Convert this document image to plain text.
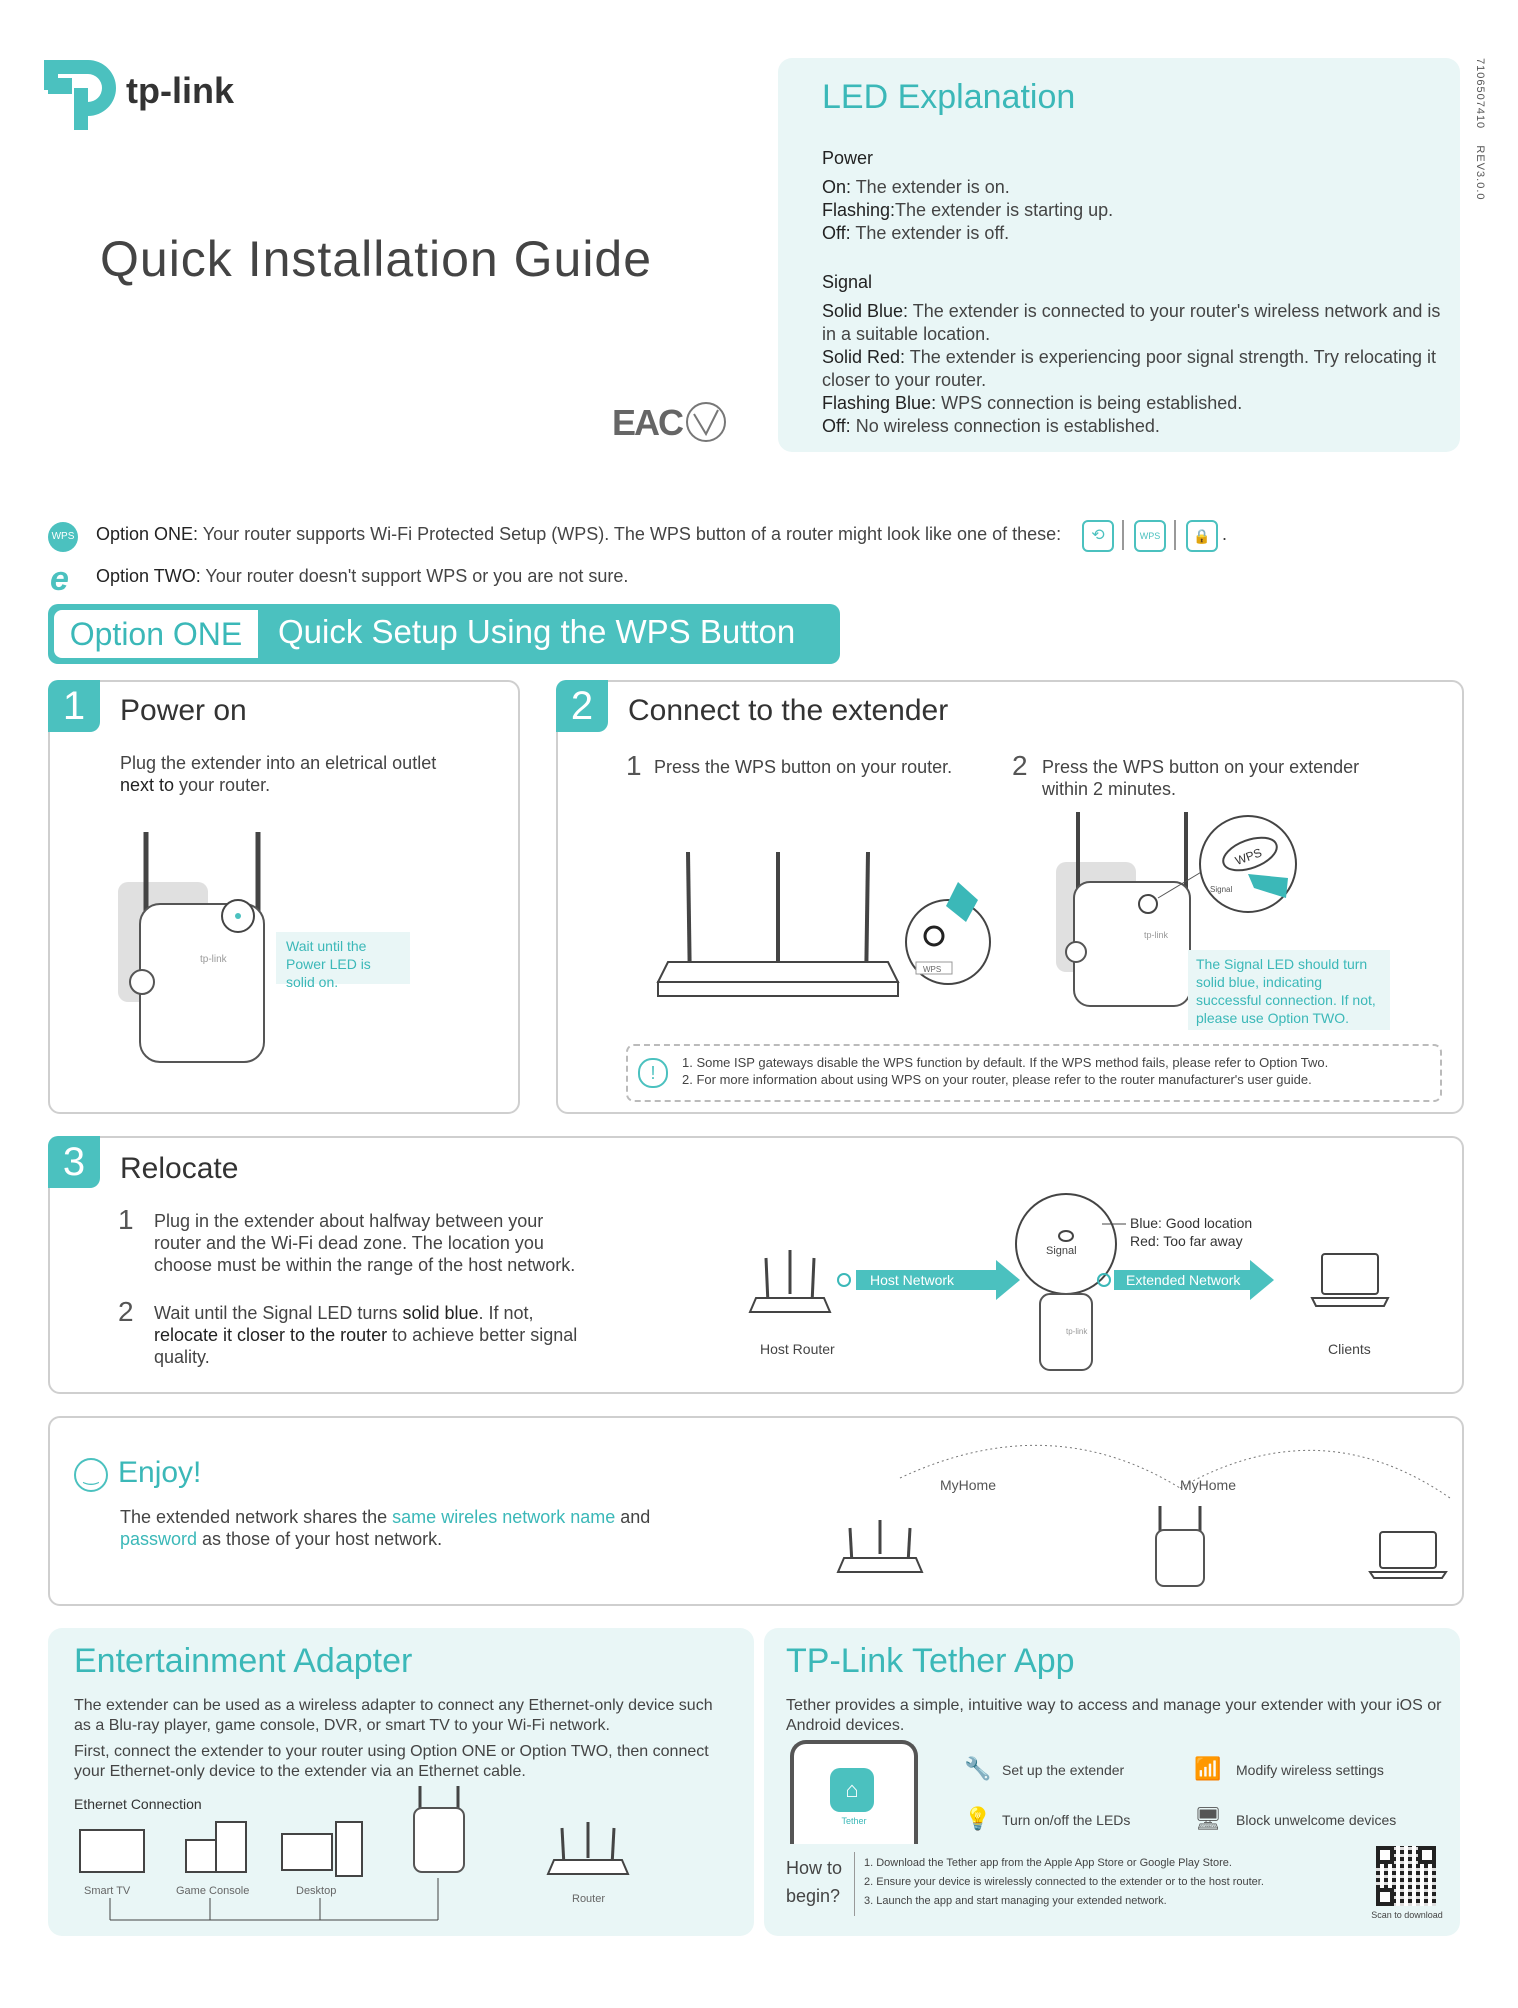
tp-link
Quick Installation Guide
EAC
LED Explanation
Power
On: The extender is on.
Flashing:The extender is starting up.
Off: The extender is off.
Signal
Solid Blue: The extender is connected to your router's wireless network and is in a suitable location.
Solid Red: The extender is experiencing poor signal strength. Try relocating it closer to your router.
Flashing Blue: WPS connection is being established.
Off: No wireless connection is established.
7106507410    REV3.0.0
WPS Option ONE: Your router supports Wi-Fi Protected Setup (WPS). The WPS button of a router might look like one of these:	⟲	WPS	🔒 .
e Option TWO: Your router doesn't support WPS or you are not sure.
Option ONE	Quick Setup Using the WPS Button
1	Power on
Plug the extender into an eletrical outlet
next to your router.
tp-link
Wait until the Power LED is solid on.
2	Connect to the extender
1 Press the WPS button on your router.	2 Press the WPS button on your extender within 2 minutes.
WPS
tp-link
WPS
Signal
The Signal LED should turn solid blue, indicating successful connection. If not, please use Option TWO.
!
1. Some ISP gateways disable the WPS function by default. If the WPS method fails, please refer to Option Two.
2. For more information about using WPS on your router, please refer to the router manufacturer's user guide.
3	Relocate
1 Plug in the extender about halfway between your router and the Wi-Fi dead zone. The location you choose must be within the range of the host network.
2 Wait until the Signal LED turns solid blue. If not, relocate it closer to the router to achieve better signal quality.	Host Router
Host Network
Signal
Blue: Good location
Red: Too far away
tp-link
Extended Network
Clients
‿ Enjoy!
The extended network shares the same wireles network name and password as those of your host network.
MyHome	MyHome
Entertainment Adapter
The extender can be used as a wireless adapter to connect any Ethernet-only device such as a Blu-ray player, game console, DVR, or smart TV to your Wi-Fi network.
First, connect the extender to your router using Option ONE or Option TWO, then connect your Ethernet-only device to the extender via an Ethernet cable.
Ethernet Connection
Smart TV	Game Console	Desktop
Router
TP-Link Tether App
Tether provides a simple, intuitive way to access and manage your extender with your iOS or Android devices.
⌂
Tether
🔧 Set up the extender	📶 Modify wireless settings
💡 Turn on/off the LEDs	🖥 Block unwelcome devices
How to begin?
1. Download the Tether app from the Apple App Store or Google Play Store.
2. Ensure your device is wirelessly connected to the extender or to the host router.
3. Launch the app and start managing your extended network.
Scan to download
